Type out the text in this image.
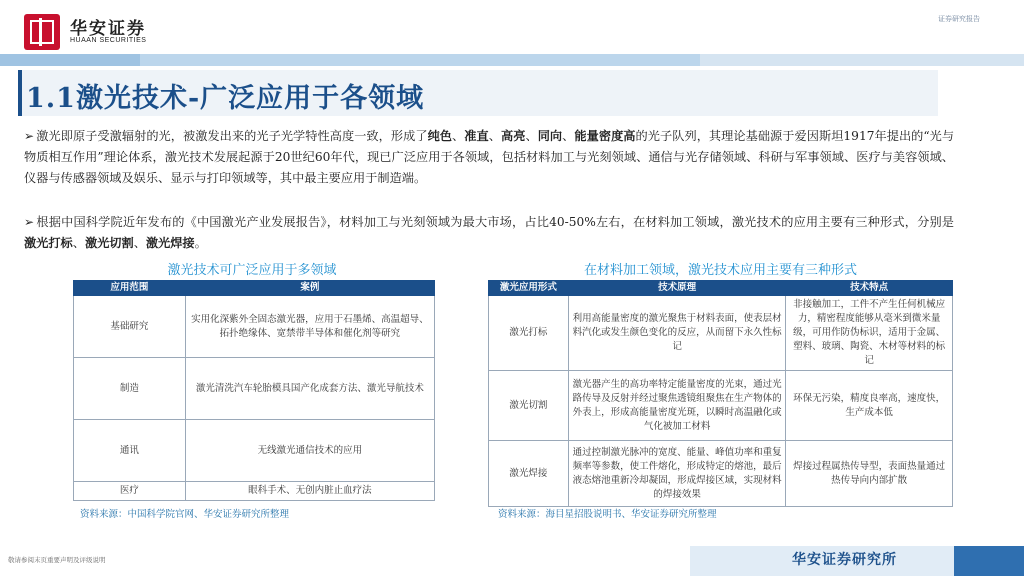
华安证券
HUAAN SECURITIES
证券研究报告
1.1激光技术-广泛应用于各领域
➢ 激光即原子受激辐射的光，被激发出来的光子光学特性高度一致，形成了纯色、准直、高亮、同向、能量密度高的光子队列，其理论基础源于爱因斯坦1917年提出的“光与物质相互作用”理论体系，激光技术发展起源于20世纪60年代，现已广泛应用于各领域，包括材料加工与光刻领域、通信与光存储领域、科研与军事领域、医疗与美容领域、仪器与传感器领域及娱乐、显示与打印领域等，其中最主要应用于制造端。
➢ 根据中国科学院近年发布的《中国激光产业发展报告》，材料加工与光刻领域为最大市场，占比40-50%左右，在材料加工领域，激光技术的应用主要有三种形式，分别是激光打标、激光切割、激光焊接。
激光技术可广泛应用于多领域
应用范围	案例
基础研究	实用化深紫外全固态激光器，应用于石墨烯、高温超导、拓扑绝缘体、宽禁带半导体和催化剂等研究
制造	激光清洗汽车轮胎模具国产化成套方法、激光导航技术
通讯	无线激光通信技术的应用
医疗	眼科手术、无创内脏止血疗法
资料来源：中国科学院官网、华安证券研究所整理
在材料加工领域，激光技术应用主要有三种形式
激光应用形式	技术原理	技术特点
激光打标	利用高能量密度的激光聚焦于材料表面，使表层材料汽化或发生颜色变化的反应，从而留下永久性标记	非接触加工，工件不产生任何机械应力，精密程度能够从毫米到微米量级，可用作防伪标识，适用于金属、塑料、玻璃、陶瓷、木材等材料的标记
激光切割	激光器产生的高功率特定能量密度的光束，通过光路传导及反射并经过聚焦透镜组聚焦在生产物体的外表上，形成高能量密度光斑，以瞬时高温融化或气化被加工材料	环保无污染，精度良率高，速度快，生产成本低
激光焊接	通过控制激光脉冲的宽度、能量、峰值功率和重复频率等参数，使工件熔化，形成特定的熔池，最后液态熔池重新冷却凝固，形成焊接区域，实现材料的焊接效果	焊接过程属热传导型，表面热量通过热传导向内部扩散
资料来源：海目星招股说明书、华安证券研究所整理
敬请参阅末页重要声明及评级说明	华安证券研究所
